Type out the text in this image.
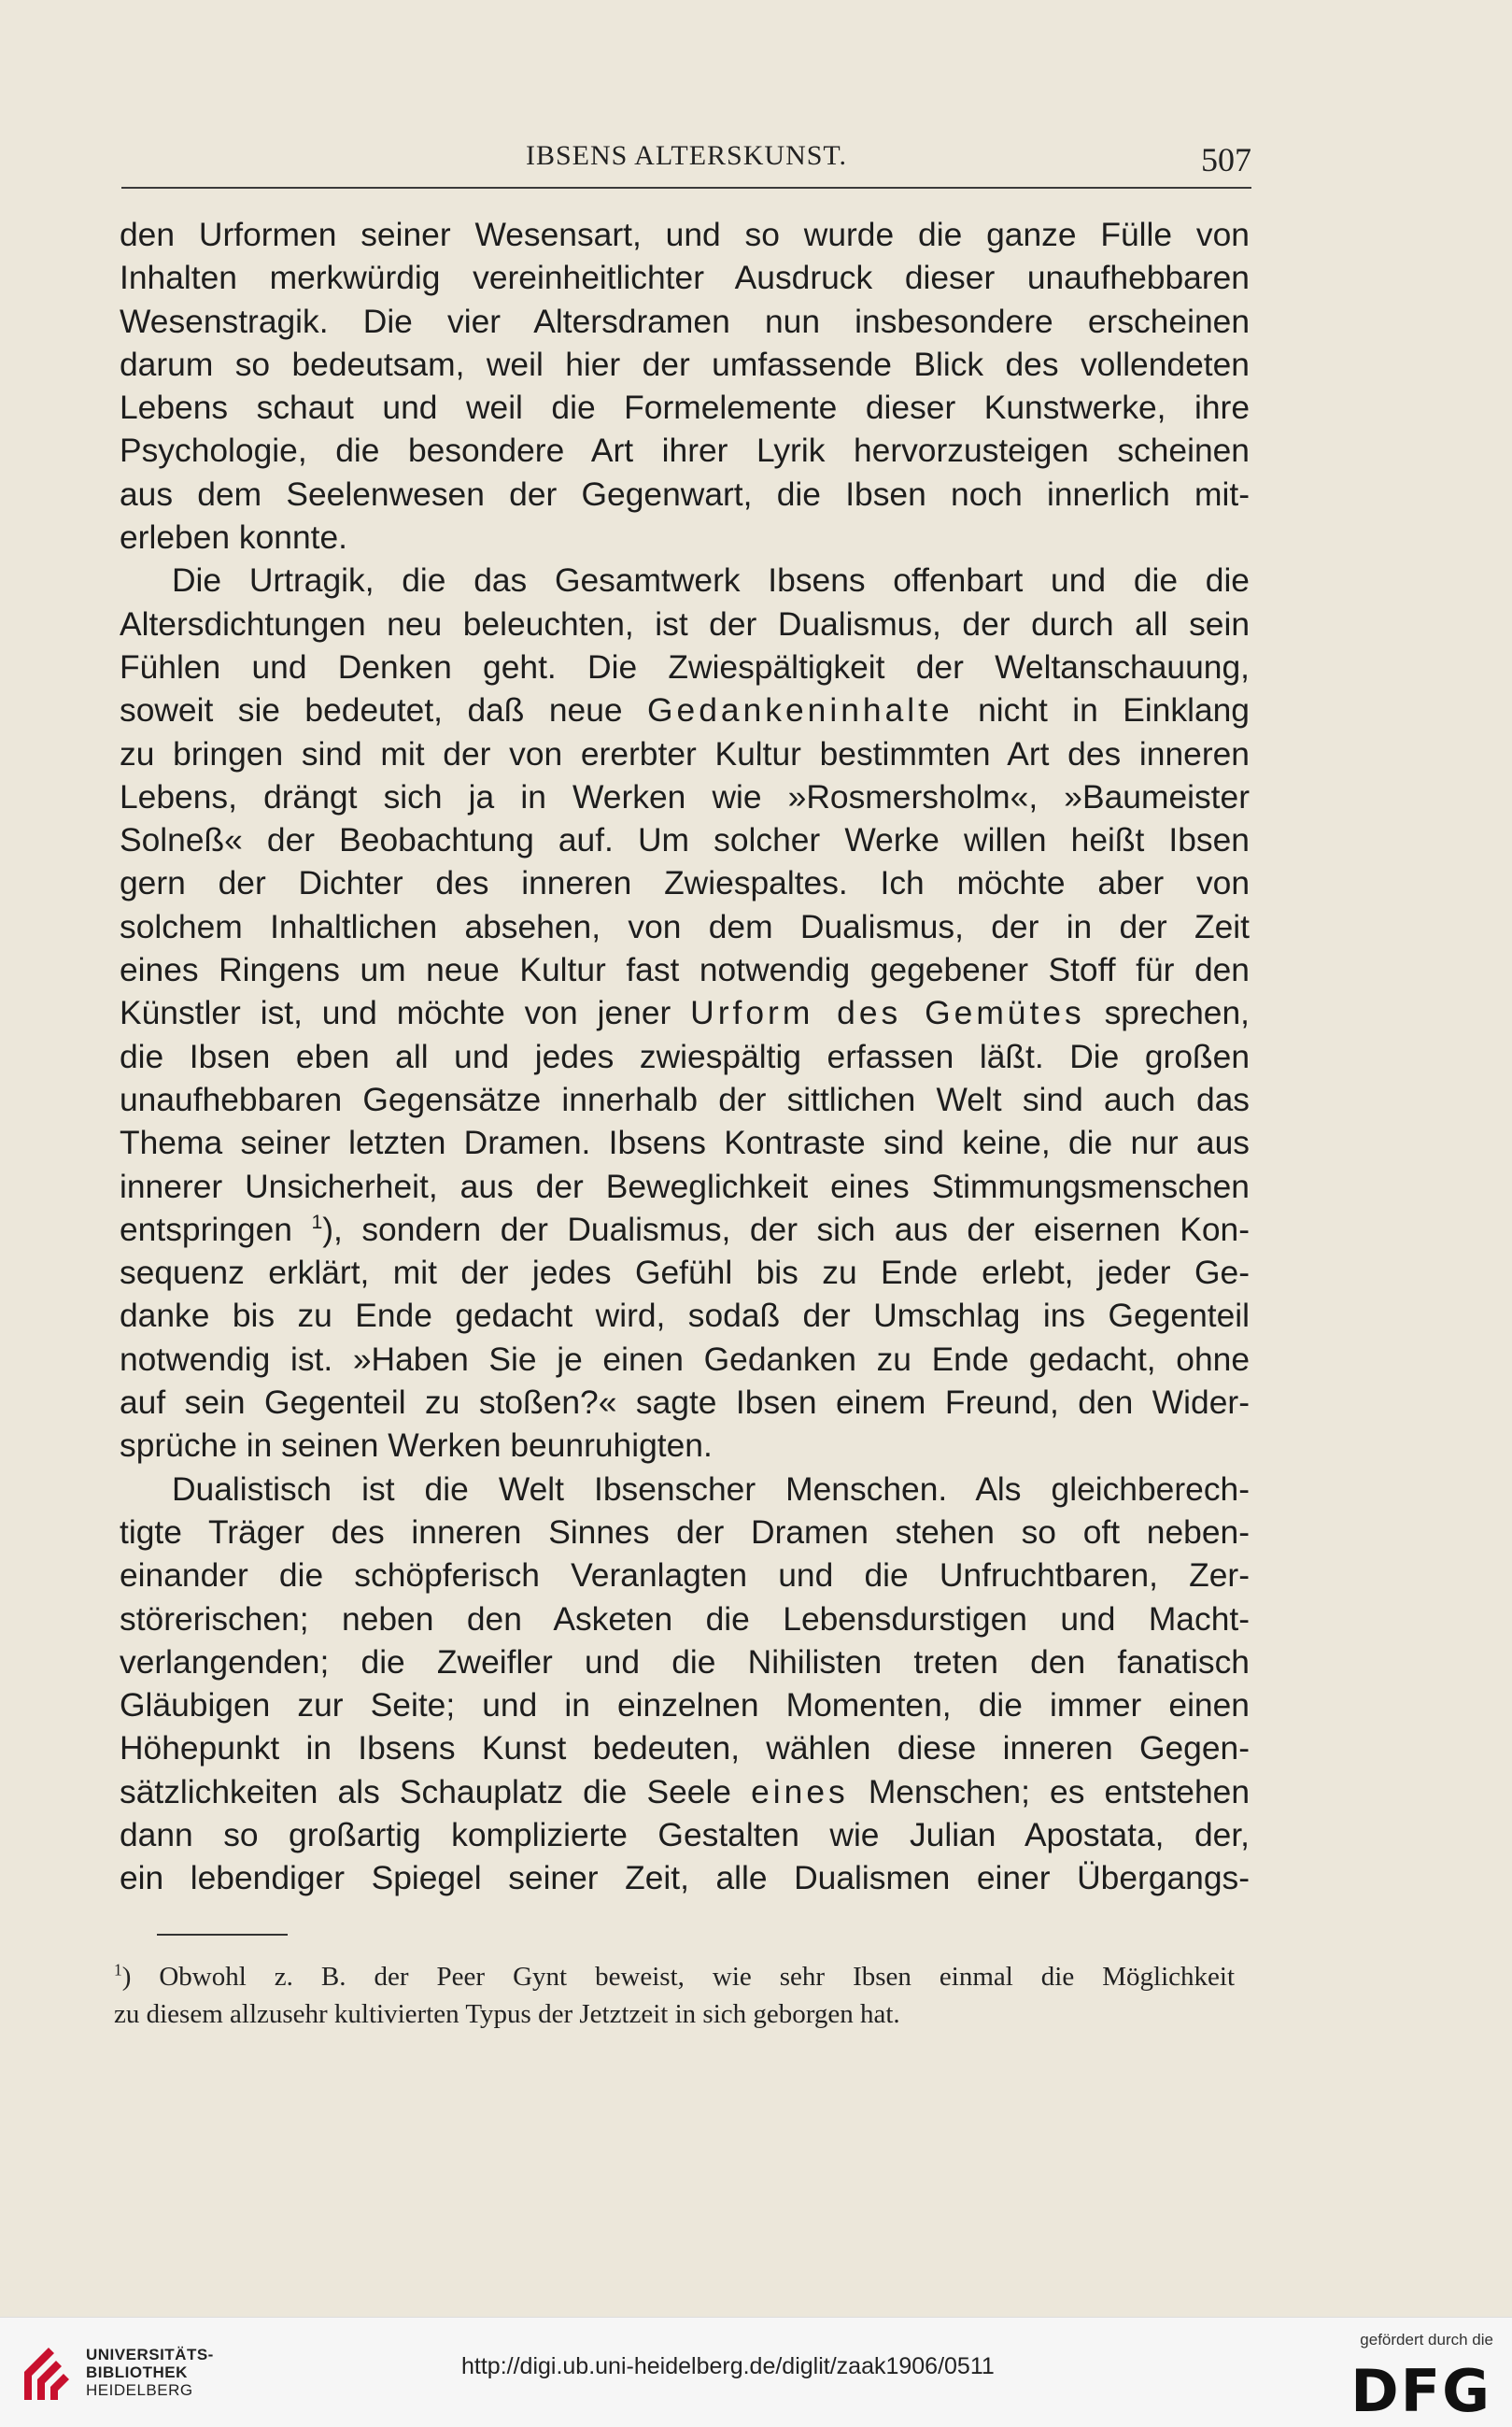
IBSENS ALTERSKUNST.	507
den Urformen seiner Wesensart, und so wurde die ganze Fülle von
Inhalten merkwürdig vereinheitlichter Ausdruck dieser unaufhebbaren
Wesenstragik. Die vier Altersdramen nun insbesondere erscheinen
darum so bedeutsam, weil hier der umfassende Blick des vollendeten
Lebens schaut und weil die Formelemente dieser Kunstwerke, ihre
Psychologie, die besondere Art ihrer Lyrik hervorzusteigen scheinen
aus dem Seelenwesen der Gegenwart, die Ibsen noch innerlich mit-
erleben konnte.
Die Urtragik, die das Gesamtwerk Ibsens offenbart und die die
Altersdichtungen neu beleuchten, ist der Dualismus, der durch all sein
Fühlen und Denken geht. Die Zwiespältigkeit der Weltanschauung,
soweit sie bedeutet, daß neue Gedankeninhalte nicht in Einklang
zu bringen sind mit der von ererbter Kultur bestimmten Art des inneren
Lebens, drängt sich ja in Werken wie »Rosmersholm«, »Baumeister
Solneß« der Beobachtung auf. Um solcher Werke willen heißt Ibsen
gern der Dichter des inneren Zwiespaltes. Ich möchte aber von
solchem Inhaltlichen absehen, von dem Dualismus, der in der Zeit
eines Ringens um neue Kultur fast notwendig gegebener Stoff für den
Künstler ist, und möchte von jener Urform des Gemütes sprechen,
die Ibsen eben all und jedes zwiespältig erfassen läßt. Die großen
unaufhebbaren Gegensätze innerhalb der sittlichen Welt sind auch das
Thema seiner letzten Dramen. Ibsens Kontraste sind keine, die nur aus
innerer Unsicherheit, aus der Beweglichkeit eines Stimmungsmenschen
entspringen $^1$), sondern der Dualismus, der sich aus der eisernen Kon-
sequenz erklärt, mit der jedes Gefühl bis zu Ende erlebt, jeder Ge-
danke bis zu Ende gedacht wird, sodaß der Umschlag ins Gegenteil
notwendig ist. »Haben Sie je einen Gedanken zu Ende gedacht, ohne
auf sein Gegenteil zu stoßen?« sagte Ibsen einem Freund, den Wider-
sprüche in seinen Werken beunruhigten.
Dualistisch ist die Welt Ibsenscher Menschen. Als gleichberech-
tigte Träger des inneren Sinnes der Dramen stehen so oft neben-
einander die schöpferisch Veranlagten und die Unfruchtbaren, Zer-
störerischen; neben den Asketen die Lebensdurstigen und Macht-
verlangenden; die Zweifler und die Nihilisten treten den fanatisch
Gläubigen zur Seite; und in einzelnen Momenten, die immer einen
Höhepunkt in Ibsens Kunst bedeuten, wählen diese inneren Gegen-
sätzlichkeiten als Schauplatz die Seele eines Menschen; es entstehen
dann so großartig komplizierte Gestalten wie Julian Apostata, der,
ein lebendiger Spiegel seiner Zeit, alle Dualismen einer Übergangs-
$^1$) Obwohl z. B. der Peer Gynt beweist, wie sehr Ibsen einmal die Möglichkeit
zu diesem allzusehr kultivierten Typus der Jetztzeit in sich geborgen hat.
UNIVERSITÄTS-
BIBLIOTHEK
HEIDELBERG
http://digi.ub.uni-heidelberg.de/diglit/zaak1906/0511
gefördert durch die
DFG
